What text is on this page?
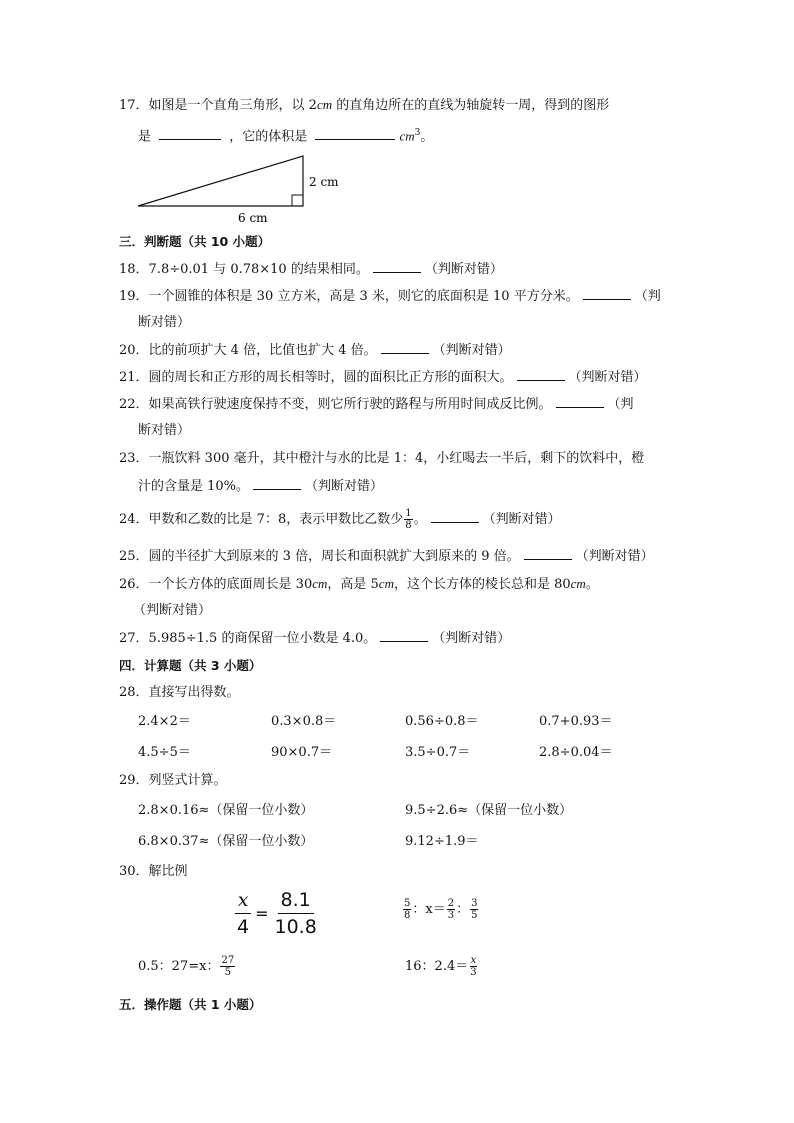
17．如图是一个直角三角形，以 2cm 的直角边所在的直线为轴旋转一周，得到的图形
是	，它的体积是	$cm^3$。
2 cm
6 cm
三．判断题（共 10 小题）
18．7.8÷0.01 与 0.78×10 的结果相同。	（判断对错）
19．一个圆锥的体积是 30 立方米，高是 3 米，则它的底面积是 10 平方分米。	（判
断对错）
20．比的前项扩大 4 倍，比值也扩大 4 倍。	（判断对错）
21．圆的周长和正方形的周长相等时，圆的面积比正方形的面积大。	（判断对错）
22．如果高铁行驶速度保持不变，则它所行驶的路程与所用时间成反比例。	（判
断对错）
23．一瓶饮料 300 毫升，其中橙汁与水的比是 1：4，小红喝去一半后，剩下的饮料中，橙
汁的含量是 10%。	（判断对错）
24．甲数和乙数的比是 7：8，表示甲数比乙数少 $\frac{1}{8}$ 。	（判断对错）
25．圆的半径扩大到原来的 3 倍，周长和面积就扩大到原来的 9 倍。	（判断对错）
26．一个长方体的底面周长是 30cm，高是 5cm，这个长方体的棱长总和是 80cm。
（判断对错）
27．5.985÷1.5 的商保留一位小数是 4.0。	（判断对错）
四．计算题（共 3 小题）
28．直接写出得数。
2.4×2＝	0.3×0.8＝	0.56÷0.8＝	0.7+0.93＝
4.5÷5＝	90×0.7＝	3.5÷0.7＝	2.8÷0.04＝
29．列竖式计算。
2.8×0.16≈（保留一位小数）	9.5÷2.6≈（保留一位小数）
6.8×0.37≈（保留一位小数）	9.12÷1.9＝
30．解比例
$\frac{x}{4} = \frac{8.1}{10.8}$	$\frac{5}{8}$ ：$x= \frac{2}{3}$ ： $\frac{3}{5}$
0.5：27=x： $\frac{27}{5}$	16：$2.4= \frac{x}{3}$
五．操作题（共 1 小题）
